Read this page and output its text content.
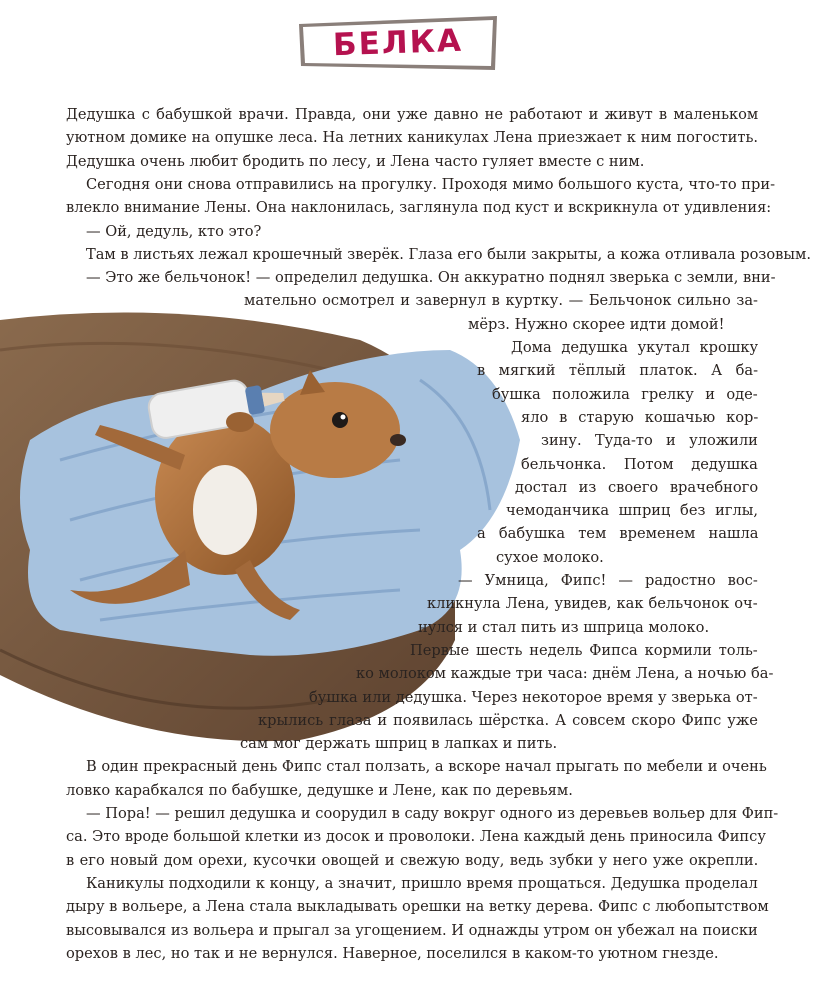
БЕЛКА
Дедушка с бабушкой врачи. Правда, они уже давно не работают и живут в маленьком
уютном домике на опушке леса. На летних каникулах Лена приезжает к ним погостить.
Дедушка очень любит бродить по лесу, и Лена часто гуляет вместе с ним.
Сегодня они снова отправились на прогулку. Проходя мимо большого куста, что-то при-
влекло внимание Лены. Она наклонилась, заглянула под куст и вскрикнула от удивления:
— Ой, дедуль, кто это?
Там в листьях лежал крошечный зверёк. Глаза его были закрыты, а кожа отливала розовым.
— Это же бельчонок! — определил дедушка. Он аккуратно поднял зверька с земли, вни-
мательно осмотрел и завернул в куртку. — Бельчонок сильно за-
мёрз. Нужно скорее идти домой!
Дома дедушка укутал крошку
в мягкий тёплый платок. А ба-
бушка положила грелку и оде-
яло в старую кошачью кор-
зину. Туда-то и уложили
бельчонка. Потом дедушка
достал из своего врачебного
чемоданчика шприц без иглы,
а бабушка тем временем нашла
сухое молоко.
— Умница, Фипс! — радостно вос-
кликнула Лена, увидев, как бельчонок оч-
нулся и стал пить из шприца молоко.
Первые шесть недель Фипса кормили толь-
ко молоком каждые три часа: днём Лена, а ночью ба-
бушка или дедушка. Через некоторое время у зверька от-
крылись глаза и появилась шёрстка. А совсем скоро Фипс уже
сам мог держать шприц в лапках и пить.
В один прекрасный день Фипс стал ползать, а вскоре начал прыгать по мебели и очень
ловко карабкался по бабушке, дедушке и Лене, как по деревьям.
— Пора! — решил дедушка и соорудил в саду вокруг одного из деревьев вольер для Фип-
са. Это вроде большой клетки из досок и проволоки. Лена каждый день приносила Фипсу
в его новый дом орехи, кусочки овощей и свежую воду, ведь зубки у него уже окрепли.
Каникулы подходили к концу, а значит, пришло время прощаться. Дедушка проделал
дыру в вольере, а Лена стала выкладывать орешки на ветку дерева. Фипс с любопытством
высовывался из вольера и прыгал за угощением. И однажды утром он убежал на поиски
орехов в лес, но так и не вернулся. Наверное, поселился в каком-то уютном гнезде.
